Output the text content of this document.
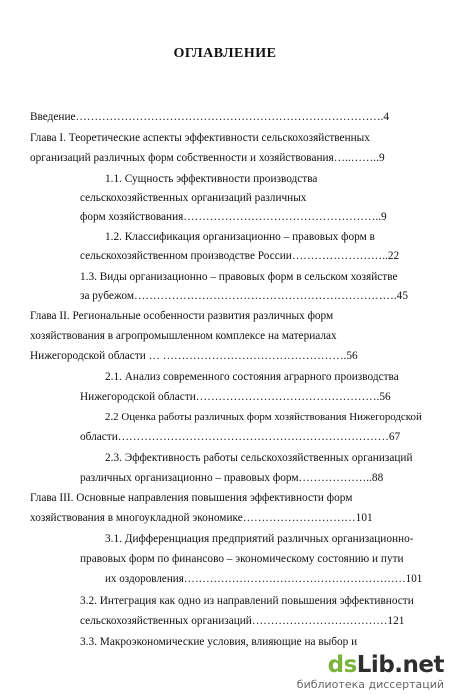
ОГЛАВЛЕНИЕ
Введение……………………………………………………………………….4
Глава I. Теоретические аспекты эффективности сельскохозяйственных
организаций различных форм собственности и хозяйствования…..……..9
1.1. Сущность эффективности производства
сельскохозяйственных организаций различных
форм хозяйствования……………………………………………..9
1.2. Классификация организационно – правовых форм в
сельскохозяйственном производстве России……………………..22
1.3. Виды организационно – правовых форм в сельском хозяйстве
за рубежом…………………………………………………………….45
Глава II. Региональные особенности развития различных форм
хозяйствования в агропромышленном комплексе на материалах
Нижегородской области … ………………………………………….56
2.1. Анализ современного состояния аграрного производства
Нижегородской области………………………………………….56
2.2 Оценка работы различных форм хозяйствования Нижегородской
области………………………………………………………………67
2.3. Эффективность работы сельскохозяйственных организаций
различных организационно – правовых форм………………..88
Глава III. Основные направления повышения эффективности форм
хозяйствования в многоукладной экономике…………………………101
3.1. Дифференциация предприятий различных организационно-
правовых форм по финансово – экономическому состоянию и пути
их оздоровления……………………………………………………101
3.2. Интеграция как одно из направлений повышения эффективности
сельскохозяйственных организаций………………………………121
3.3. Макроэкономические условия, влияющие на выбор и
dsLib.net
библиотека диссертаций
